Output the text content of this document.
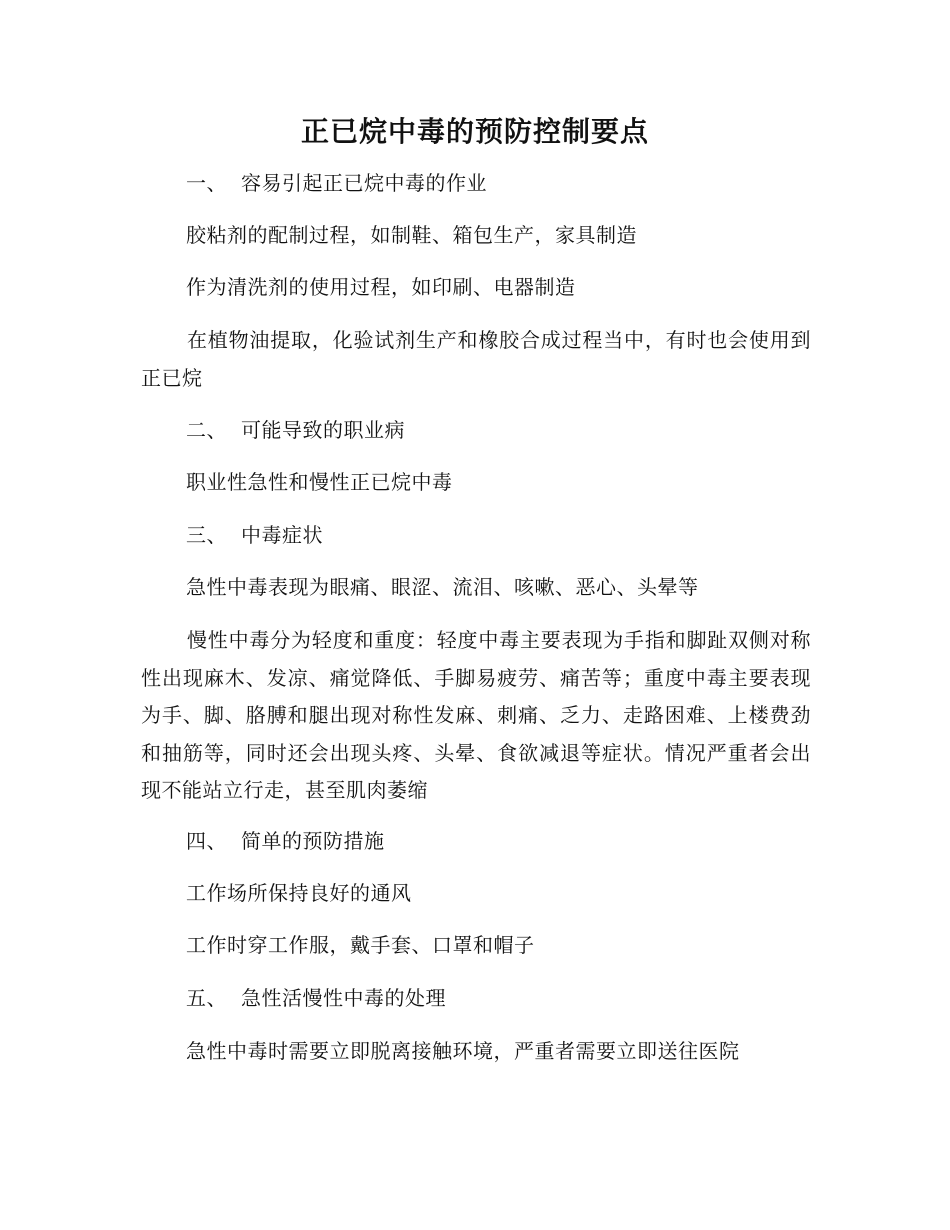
正已烷中毒的预防控制要点
一、 容易引起正已烷中毒的作业
胶粘剂的配制过程，如制鞋、箱包生产，家具制造
作为清洗剂的使用过程，如印刷、电器制造
在植物油提取，化验试剂生产和橡胶合成过程当中，有时也会使用到正已烷
二、 可能导致的职业病
职业性急性和慢性正已烷中毒
三、 中毒症状
急性中毒表现为眼痛、眼涩、流泪、咳嗽、恶心、头晕等
慢性中毒分为轻度和重度：轻度中毒主要表现为手指和脚趾双侧对称性出现麻木、发凉、痛觉降低、手脚易疲劳、痛苦等；重度中毒主要表现为手、脚、胳膊和腿出现对称性发麻、刺痛、乏力、走路困难、上楼费劲和抽筋等，同时还会出现头疼、头晕、食欲减退等症状。情况严重者会出现不能站立行走，甚至肌肉萎缩
四、 简单的预防措施
工作场所保持良好的通风
工作时穿工作服，戴手套、口罩和帽子
五、 急性活慢性中毒的处理
急性中毒时需要立即脱离接触环境，严重者需要立即送往医院
